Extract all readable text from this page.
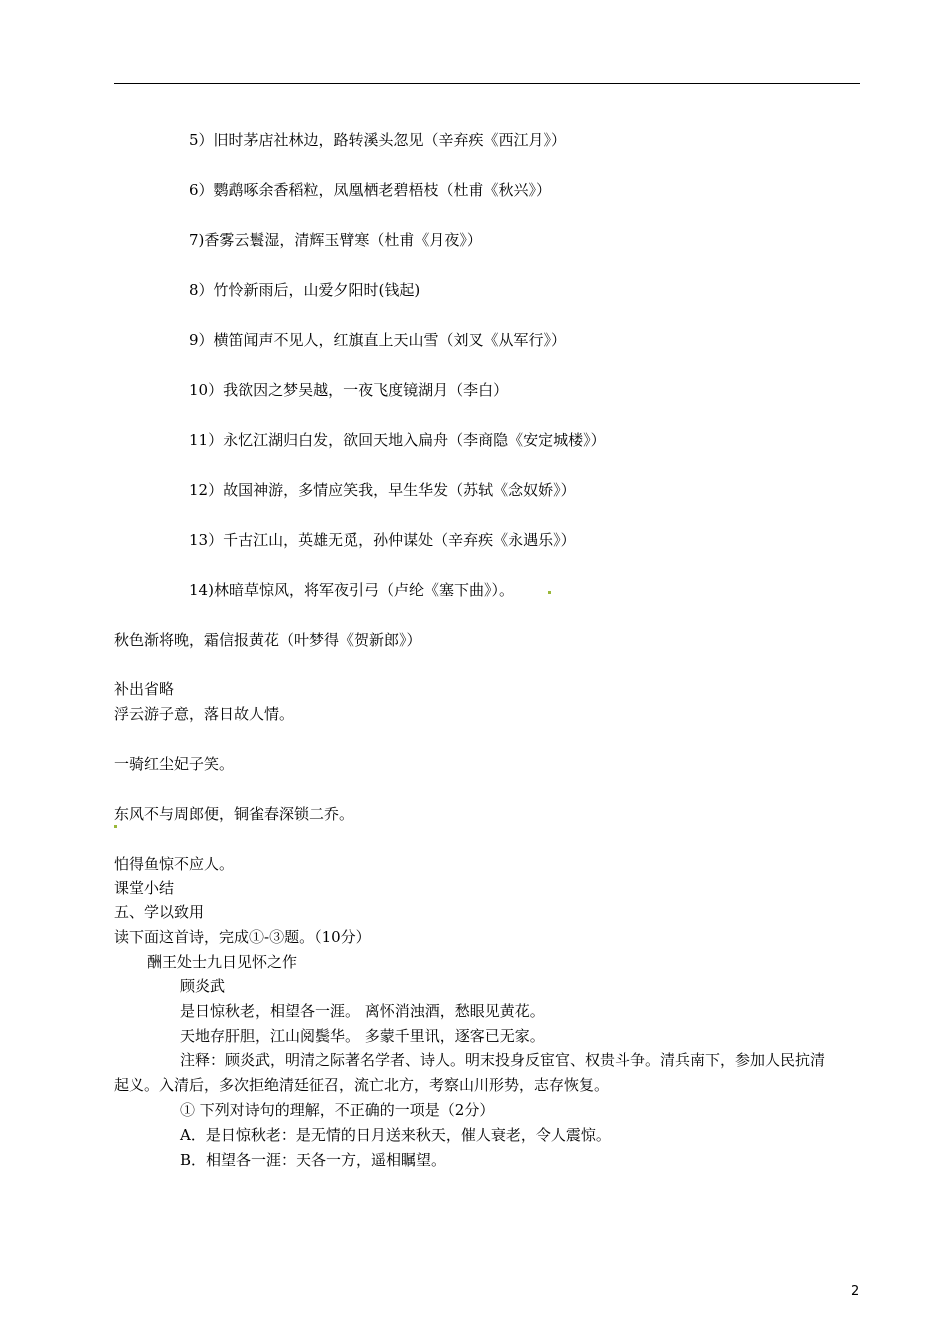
5）旧时茅店社林边，路转溪头忽见（辛弃疾《西江月》）
6）鹦鹉啄余香稻粒，凤凰栖老碧梧枝（杜甫《秋兴》）
7)香雾云鬟湿，清辉玉臂寒（杜甫《月夜》）
8）竹怜新雨后，山爱夕阳时(钱起)
9）横笛闻声不见人，红旗直上天山雪（刘叉《从军行》）
10）我欲因之梦吴越，一夜飞度镜湖月（李白）
11）永忆江湖归白发，欲回天地入扁舟（李商隐《安定城楼》）
12）故国神游，多情应笑我，早生华发（苏轼《念奴娇》）
13）千古江山，英雄无觅，孙仲谋处（辛弃疾《永遇乐》）
14)林暗草惊风，将军夜引弓（卢纶《塞下曲》）。
秋色渐将晚，霜信报黄花（叶梦得《贺新郎》）
补出省略
浮云游子意，落日故人情。
一骑红尘妃子笑。
东风不与周郎便，铜雀春深锁二乔。
怕得鱼惊不应人。
课堂小结
五、学以致用
读下面这首诗，完成①-③题。（10分）
酬王处士九日见怀之作
顾炎武
是日惊秋老，相望各一涯。 离怀消浊酒，愁眼见黄花。
天地存肝胆，江山阅鬓华。 多蒙千里讯，逐客已无家。
注释：顾炎武，明清之际著名学者、诗人。明末投身反宦官、权贵斗争。清兵南下，参加人民抗清
起义。入清后，多次拒绝清廷征召，流亡北方，考察山川形势，志存恢复。
① 下列对诗句的理解，不正确的一项是（2分）
A．是日惊秋老：是无情的日月送来秋天，催人衰老，令人震惊。
B．相望各一涯：天各一方，遥相瞩望。
2
